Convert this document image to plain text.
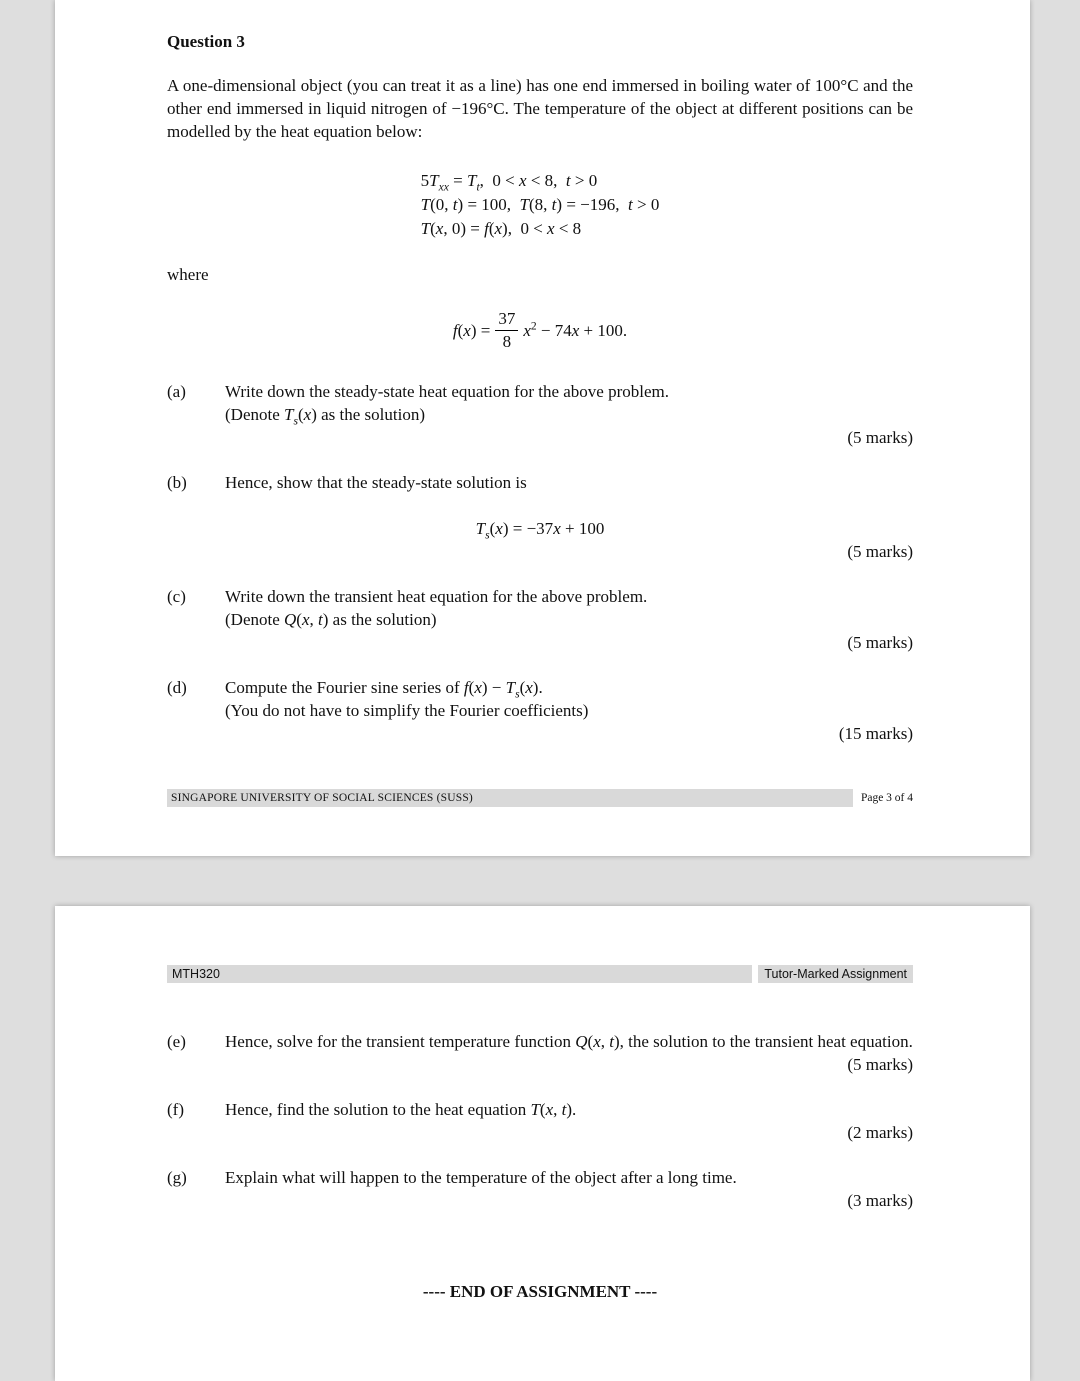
Question 3

A one-dimensional object (you can treat it as a line) has one end immersed in boiling water of 100°C and the other end immersed in liquid nitrogen of −196°C. The temperature of the object at different positions can be modelled by the heat equation below:

$5T_{xx} = T_t$,  0 < x < 8,  t > 0
T(0, t) = 100,  T(8, t) = −196,  t > 0
T(x, 0) = f(x),  0 < x < 8
where
$f(x) = \frac{37}{8} x^2 - 74x + 100$.
(a)	Write down the steady-state heat equation for the above problem.
(Denote $T_s(x)$ as the solution)
(5 marks)
(b)	Hence, show that the steady-state solution is
$T_s(x) = -37x + 100$
(5 marks)
(c)	Write down the transient heat equation for the above problem.
(Denote Q(x, t) as the solution)
(5 marks)
(d)	Compute the Fourier sine series of $f(x) - T_s(x)$.
(You do not have to simplify the Fourier coefficients)
(15 marks)
SINGAPORE UNIVERSITY OF SOCIAL SCIENCES (SUSS)	Page 3 of 4
MTH320	Tutor-Marked Assignment
(e)	Hence, solve for the transient temperature function Q(x, t), the solution to the transient heat equation.
(5 marks)
(f)	Hence, find the solution to the heat equation T(x, t).
(2 marks)
(g)	Explain what will happen to the temperature of the object after a long time.
(3 marks)
---- END OF ASSIGNMENT ----
